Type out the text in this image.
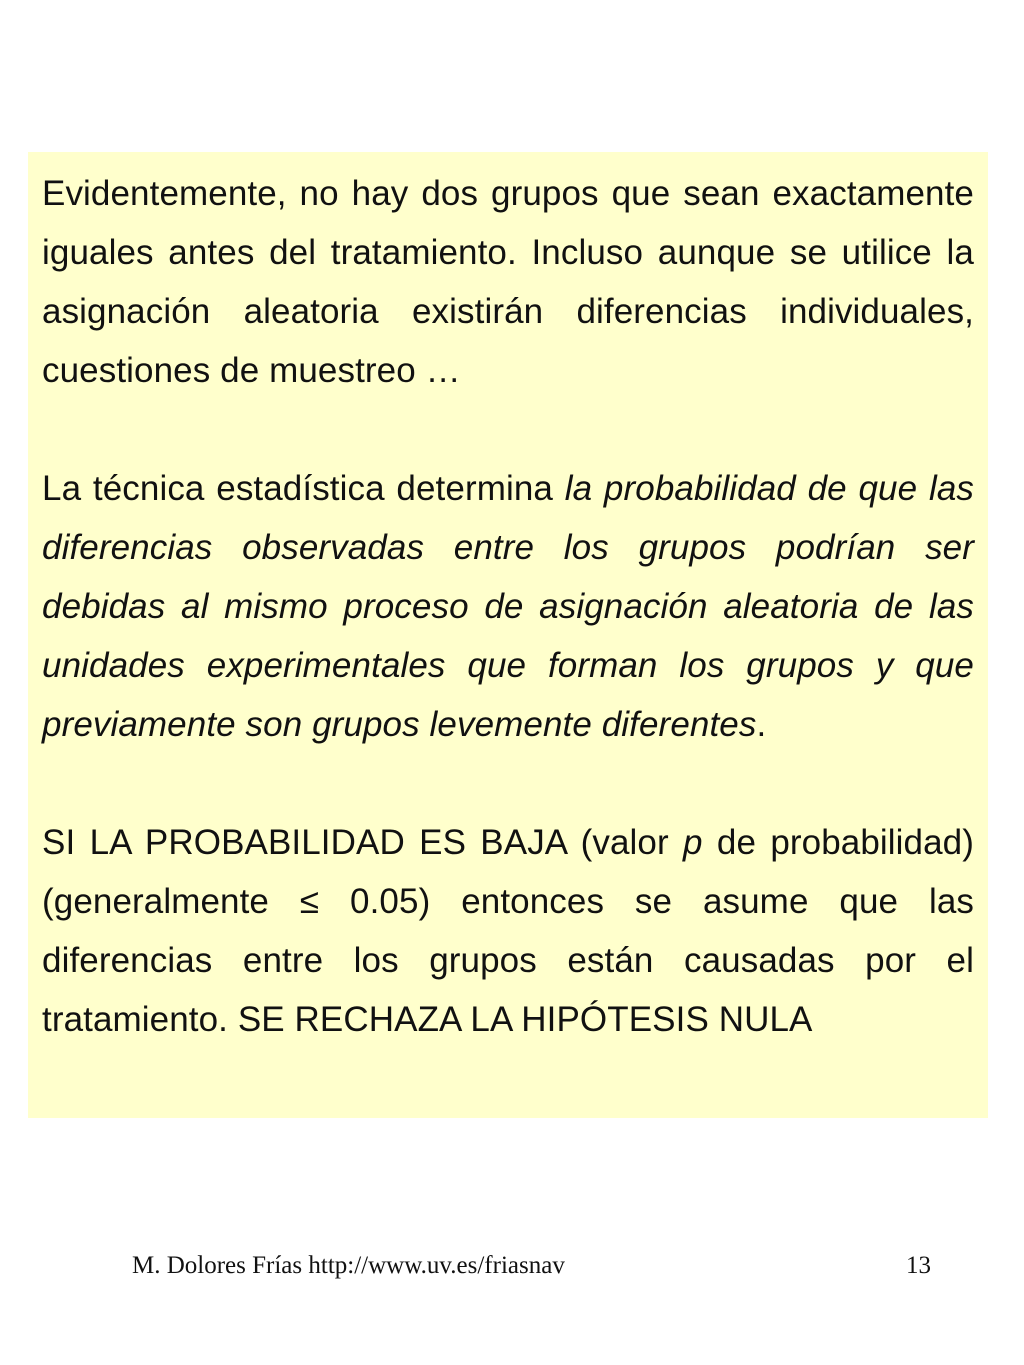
Evidentemente, no hay dos grupos que sean exactamente iguales antes del tratamiento. Incluso aunque se utilice la asignación aleatoria existirán diferencias individuales, cuestiones de muestreo …

La técnica estadística determina la probabilidad de que las diferencias observadas entre los grupos podrían ser debidas al mismo proceso de asignación aleatoria de las unidades experimentales que forman los grupos y que previamente son grupos levemente diferentes.

SI LA PROBABILIDAD ES BAJA (valor p de probabilidad) (generalmente ≤ 0.05) entonces se asume que las diferencias entre los grupos están causadas por el tratamiento. SE RECHAZA LA HIPÓTESIS NULA

M. Dolores Frías http://www.uv.es/friasnav	13
